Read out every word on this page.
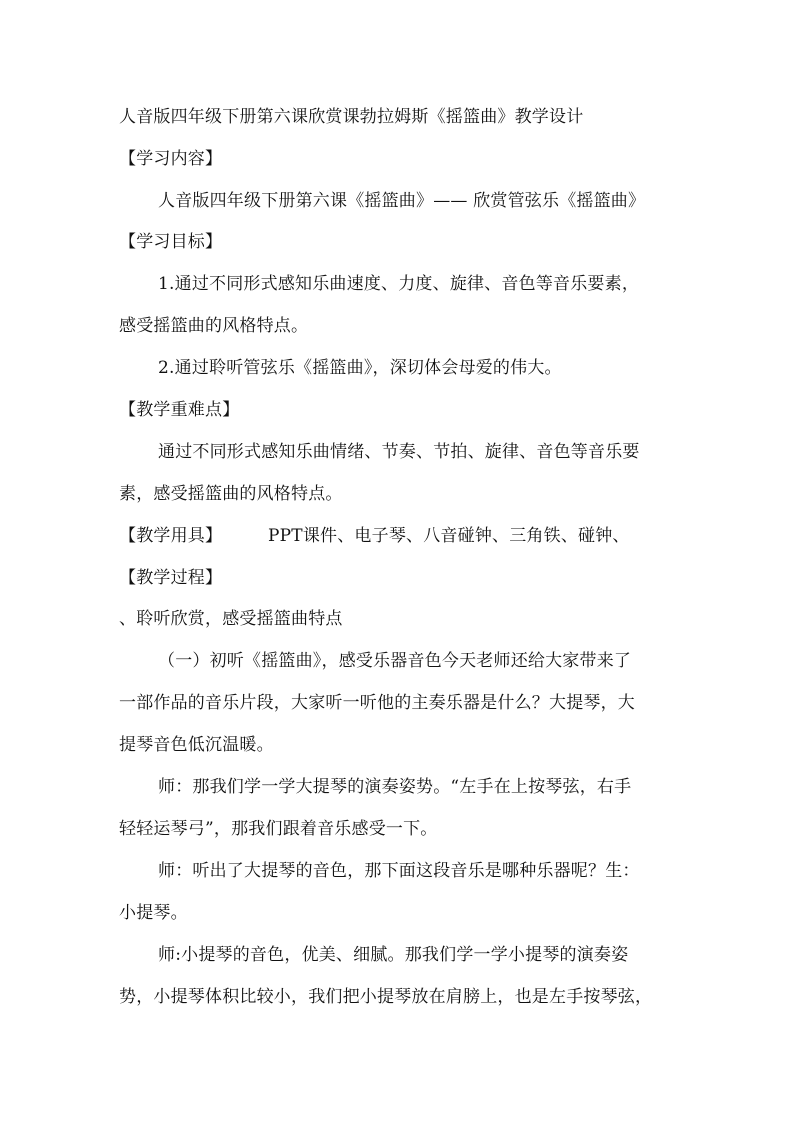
人音版四年级下册第六课欣赏课勃拉姆斯《摇篮曲》教学设计
【学习内容】
人音版四年级下册第六课《摇篮曲》—— 欣赏管弦乐《摇篮曲》
【学习目标】
1.通过不同形式感知乐曲速度、力度、旋律、音色等音乐要素，
感受摇篮曲的风格特点。
2.通过聆听管弦乐《摇篮曲》，深切体会母爱的伟大。
【教学重难点】
通过不同形式感知乐曲情绪、节奏、节拍、旋律、音色等音乐要
素，感受摇篮曲的风格特点。
【教学用具】	PPT课件、电子琴、八音碰钟、三角铁、碰钟、
【教学过程】
、聆听欣赏，感受摇篮曲特点
（一）初听《摇篮曲》，感受乐器音色今天老师还给大家带来了
一部作品的音乐片段，大家听一听他的主奏乐器是什么？大提琴，大
提琴音色低沉温暖。
师：那我们学一学大提琴的演奏姿势。“左手在上按琴弦，右手
轻轻运琴弓”，那我们跟着音乐感受一下。
师：听出了大提琴的音色，那下面这段音乐是哪种乐器呢？生：
小提琴。
师:小提琴的音色，优美、细腻。那我们学一学小提琴的演奏姿
势，小提琴体积比较小，我们把小提琴放在肩膀上，也是左手按琴弦，
